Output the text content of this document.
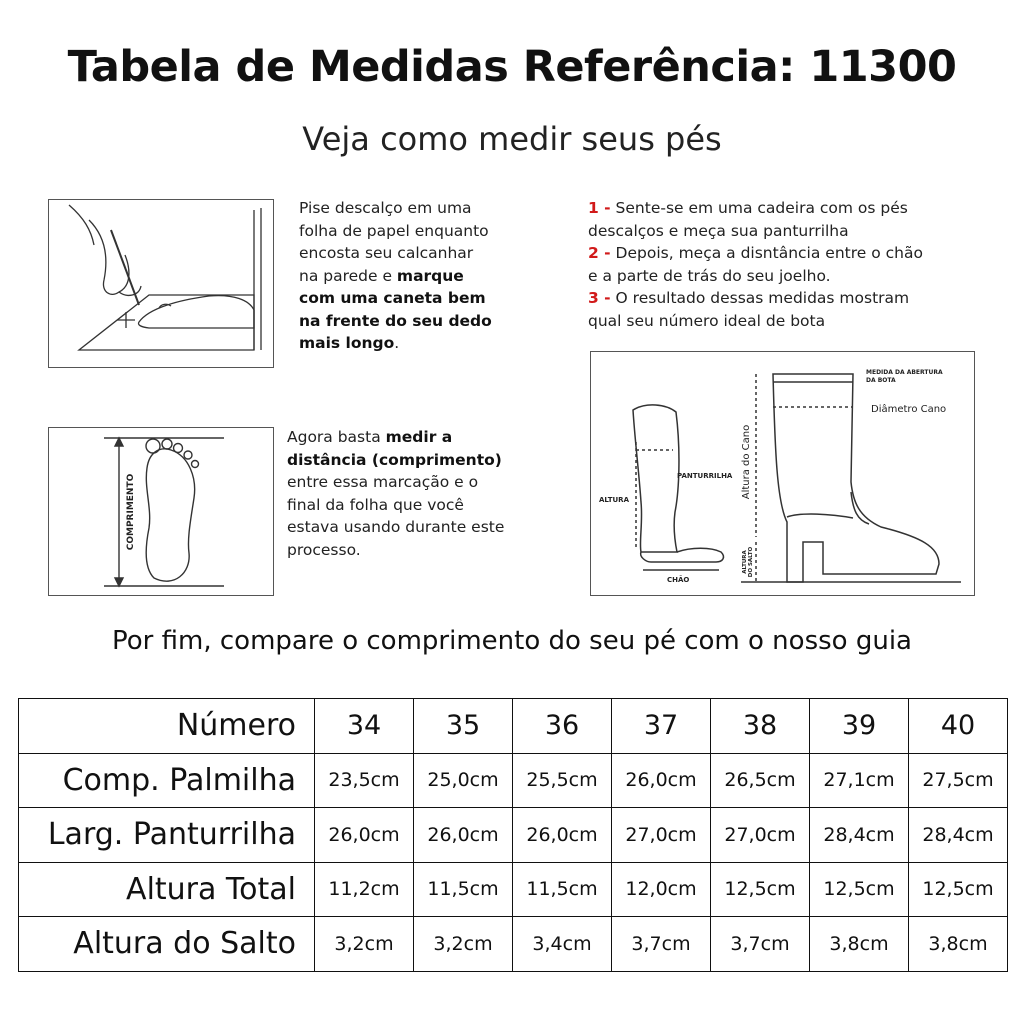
Tabela de Medidas Referência: 11300
Veja como medir seus pés
Pise descalço em uma
folha de papel enquanto
encosta seu calcanhar
na parede e marque
com uma caneta bem
na frente do seu dedo
mais longo.
COMPRIMENTO
Agora basta medir a
distância (comprimento)
entre essa marcação e o
final da folha que você
estava usando durante este
processo.
1 - Sente-se em uma cadeira com os pés
descalços e meça sua panturrilha
2 - Depois, meça a disntância entre o chão
e a parte de trás do seu joelho.
3 - O resultado dessas medidas mostram
qual seu número ideal de bota
PANTURRILHA
ALTURA
CHÃO
MEDIDA DA ABERTURA
DA BOTA
Diâmetro Cano
Altura do Cano
ALTURA DO SALTO
Por fim, compare o comprimento do seu pé com o nosso guia
Número	34	35	36	37	38	39	40
Comp. Palmilha	23,5cm	25,0cm	25,5cm	26,0cm	26,5cm	27,1cm	27,5cm
Larg. Panturrilha	26,0cm	26,0cm	26,0cm	27,0cm	27,0cm	28,4cm	28,4cm
Altura Total	11,2cm	11,5cm	11,5cm	12,0cm	12,5cm	12,5cm	12,5cm
Altura do Salto	3,2cm	3,2cm	3,4cm	3,7cm	3,7cm	3,8cm	3,8cm
